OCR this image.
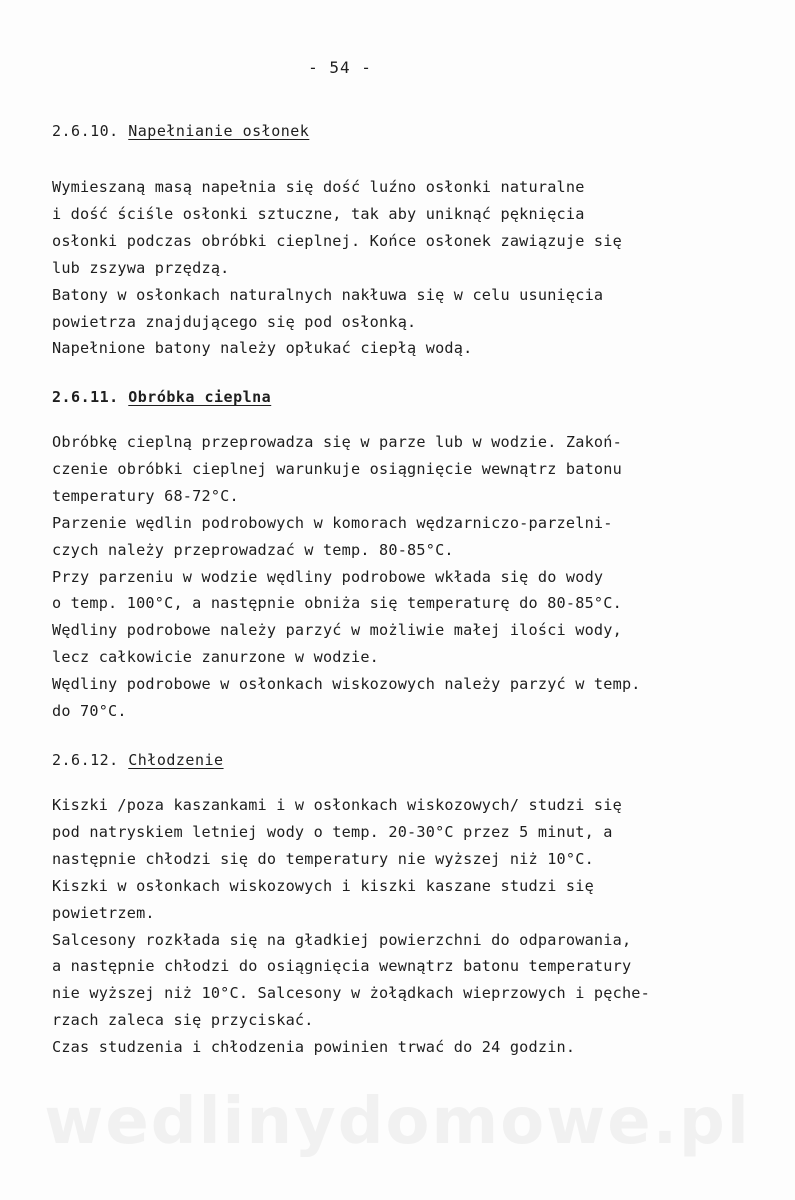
- 54 -

2.6.10. Napełnianie osłonek

Wymieszaną masą napełnia się dość luźno osłonki naturalne

i dość ściśle osłonki sztuczne, tak aby uniknąć pęknięcia

osłonki podczas obróbki cieplnej. Końce osłonek zawiązuje się

lub zszywa przędzą.

Batony w osłonkach naturalnych nakłuwa się w celu usunięcia

powietrza znajdującego się pod osłonką.

Napełnione batony należy opłukać ciepłą wodą.

2.6.11. Obróbka cieplna

Obróbkę cieplną przeprowadza się w parze lub w wodzie. Zakoń-

czenie obróbki cieplnej warunkuje osiągnięcie wewnątrz batonu

temperatury 68-72°C.

Parzenie wędlin podrobowych w komorach wędzarniczo-parzelni-

czych należy przeprowadzać w temp. 80-85°C.

Przy parzeniu w wodzie wędliny podrobowe wkłada się do wody

o temp. 100°C, a następnie obniża się temperaturę do 80-85°C.

Wędliny podrobowe należy parzyć w możliwie małej ilości wody,

lecz całkowicie zanurzone w wodzie.

Wędliny podrobowe w osłonkach wiskozowych należy parzyć w temp.

do 70°C.

2.6.12. Chłodzenie

Kiszki /poza kaszankami i w osłonkach wiskozowych/ studzi się

pod natryskiem letniej wody o temp. 20-30°C przez 5 minut, a

następnie chłodzi się do temperatury nie wyższej niż 10°C.

Kiszki w osłonkach wiskozowych i kiszki kaszane studzi się

powietrzem.

Salcesony rozkłada się na gładkiej powierzchni do odparowania,

a następnie chłodzi do osiągnięcia wewnątrz batonu temperatury

nie wyższej niż 10°C. Salcesony w żołądkach wieprzowych i pęche-

rzach zaleca się przyciskać.

Czas studzenia i chłodzenia powinien trwać do 24 godzin.

wedlinydomowe.pl
